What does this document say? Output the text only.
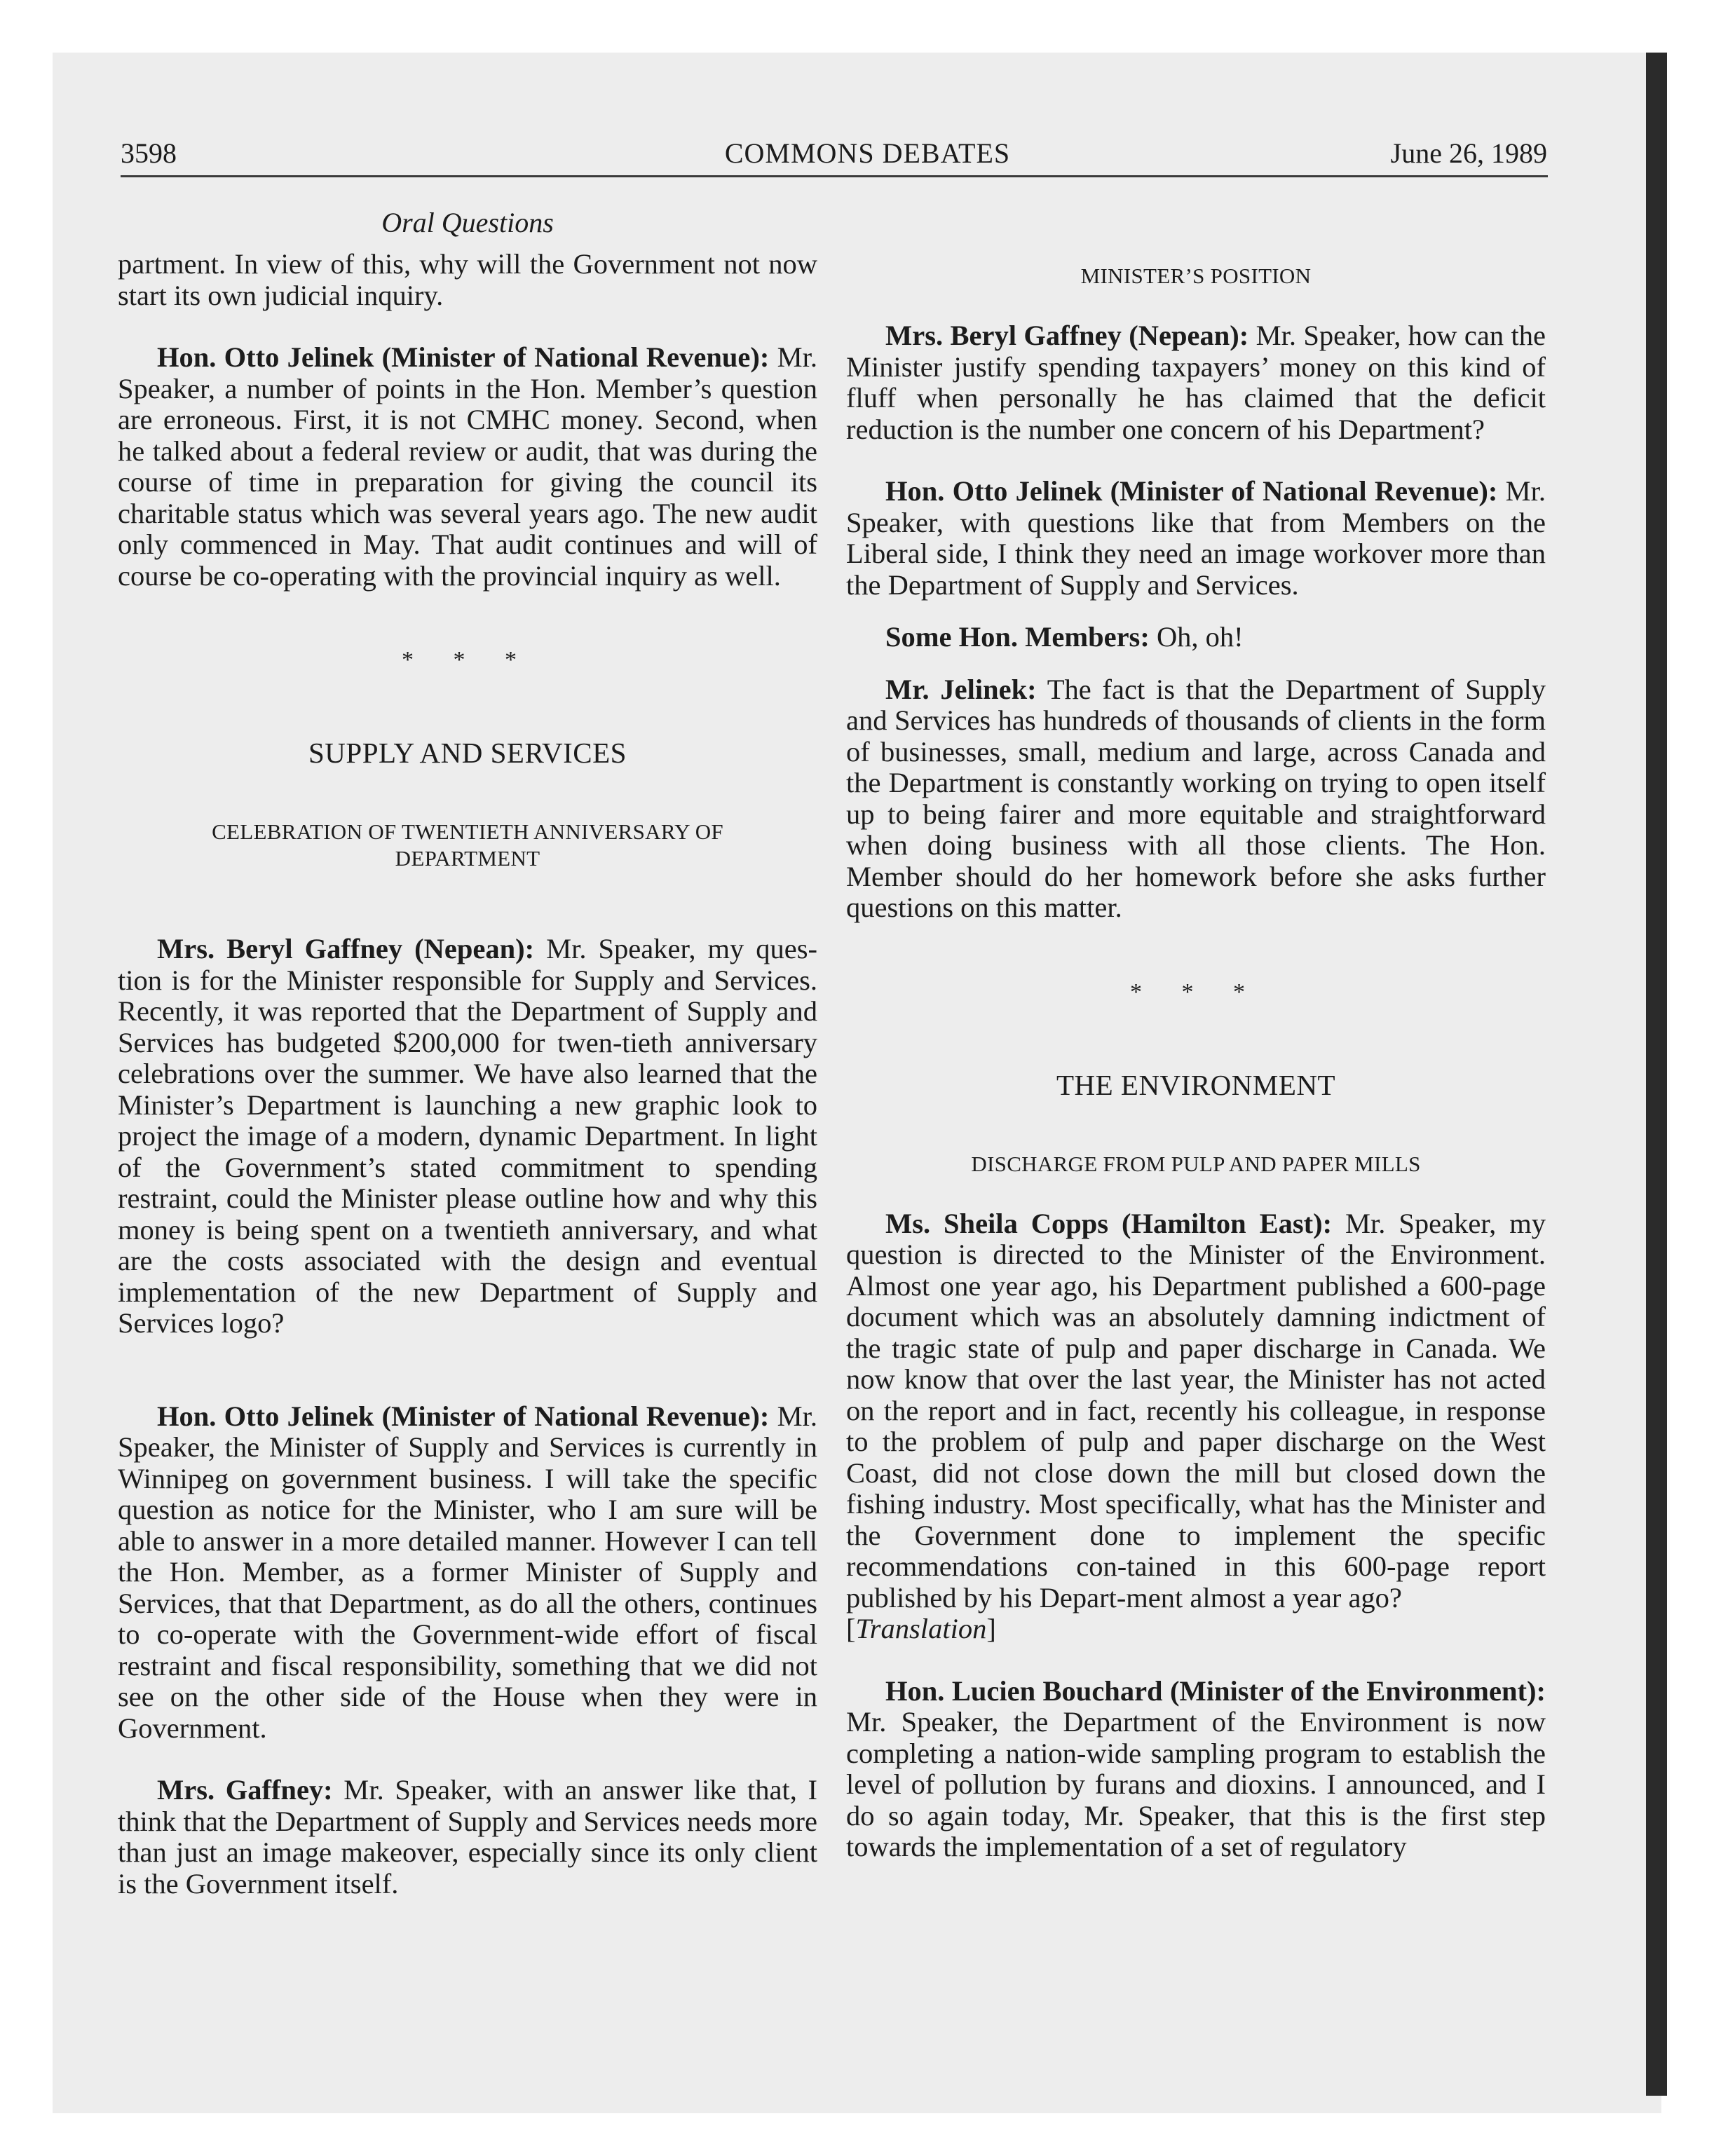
3598	COMMONS DEBATES	June 26, 1989
Oral Questions

partment. In view of this, why will the Government not now start its own judicial inquiry.

Hon. Otto Jelinek (Minister of National Revenue): Mr. Speaker, a number of points in the Hon. Member’s question are erroneous. First, it is not CMHC money. Second, when he talked about a federal review or audit, that was during the course of time in preparation for giving the council its charitable status which was several years ago. The new audit only commenced in May. That audit continues and will of course be co-operating with the provincial inquiry as well.

* * *
SUPPLY AND SERVICES
CELEBRATION OF TWENTIETH ANNIVERSARY OF DEPARTMENT

Mrs. Beryl Gaffney (Nepean): Mr. Speaker, my ques-tion is for the Minister responsible for Supply and Services. Recently, it was reported that the Department of Supply and Services has budgeted $200,000 for twen-tieth anniversary celebrations over the summer. We have also learned that the Minister’s Department is launching a new graphic look to project the image of a modern, dynamic Department. In light of the Government’s stated commitment to spending restraint, could the Minister please outline how and why this money is being spent on a twentieth anniversary, and what are the costs associated with the design and eventual implementation of the new Department of Supply and Services logo?

Hon. Otto Jelinek (Minister of National Revenue): Mr. Speaker, the Minister of Supply and Services is currently in Winnipeg on government business. I will take the specific question as notice for the Minister, who I am sure will be able to answer in a more detailed manner. However I can tell the Hon. Member, as a former Minister of Supply and Services, that that Department, as do all the others, continues to co-operate with the Government-wide effort of fiscal restraint and fiscal responsibility, something that we did not see on the other side of the House when they were in Government.

Mrs. Gaffney: Mr. Speaker, with an answer like that, I think that the Department of Supply and Services needs more than just an image makeover, especially since its only client is the Government itself.

MINISTER’S POSITION

Mrs. Beryl Gaffney (Nepean): Mr. Speaker, how can the Minister justify spending taxpayers’ money on this kind of fluff when personally he has claimed that the deficit reduction is the number one concern of his Department?

Hon. Otto Jelinek (Minister of National Revenue): Mr. Speaker, with questions like that from Members on the Liberal side, I think they need an image workover more than the Department of Supply and Services.

Some Hon. Members: Oh, oh!

Mr. Jelinek: The fact is that the Department of Supply and Services has hundreds of thousands of clients in the form of businesses, small, medium and large, across Canada and the Department is constantly working on trying to open itself up to being fairer and more equitable and straightforward when doing business with all those clients. The Hon. Member should do her homework before she asks further questions on this matter.

* * *
THE ENVIRONMENT
DISCHARGE FROM PULP AND PAPER MILLS

Ms. Sheila Copps (Hamilton East): Mr. Speaker, my question is directed to the Minister of the Environment. Almost one year ago, his Department published a 600-page document which was an absolutely damning indictment of the tragic state of pulp and paper discharge in Canada. We now know that over the last year, the Minister has not acted on the report and in fact, recently his colleague, in response to the problem of pulp and paper discharge on the West Coast, did not close down the mill but closed down the fishing industry. Most specifically, what has the Minister and the Government done to implement the specific recommendations con-tained in this 600-page report published by his Depart-ment almost a year ago?

[Translation]

Hon. Lucien Bouchard (Minister of the Environment): Mr. Speaker, the Department of the Environment is now completing a nation-wide sampling program to establish the level of pollution by furans and dioxins. I announced, and I do so again today, Mr. Speaker, that this is the first step towards the implementation of a set of regulatory
